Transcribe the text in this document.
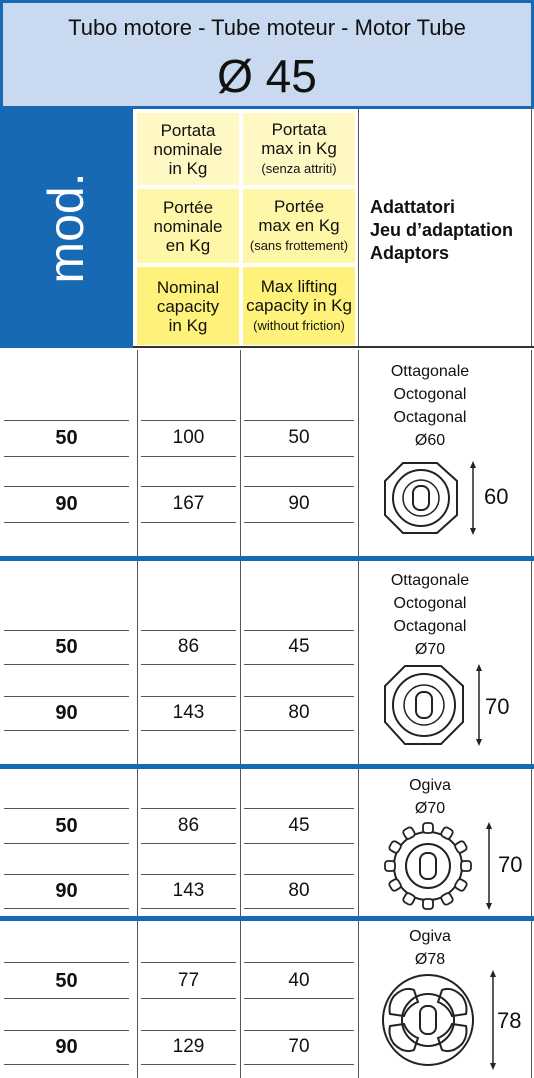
Tubo motore - Tube moteur - Motor Tube
Ø 45
mod.
Portata
nominale
in Kg
Portata
max in Kg
(senza attriti)
Portée
nominale
en Kg
Portée
max en Kg
(sans frottement)
Nominal
capacity
in Kg
Max lifting
capacity in Kg
(without friction)
Adattatori
Jeu d’adaptation
Adaptors
50	100	50
90	167	90
50	86	45
90	143	80
50	86	45
90	143	80
50	77	40
90	129	70
Ottagonale
Octogonal
Octagonal
Ø60
60
Ottagonale
Octogonal
Octagonal
Ø70
70
Ogiva
Ø70
70
Ogiva
Ø78
78
